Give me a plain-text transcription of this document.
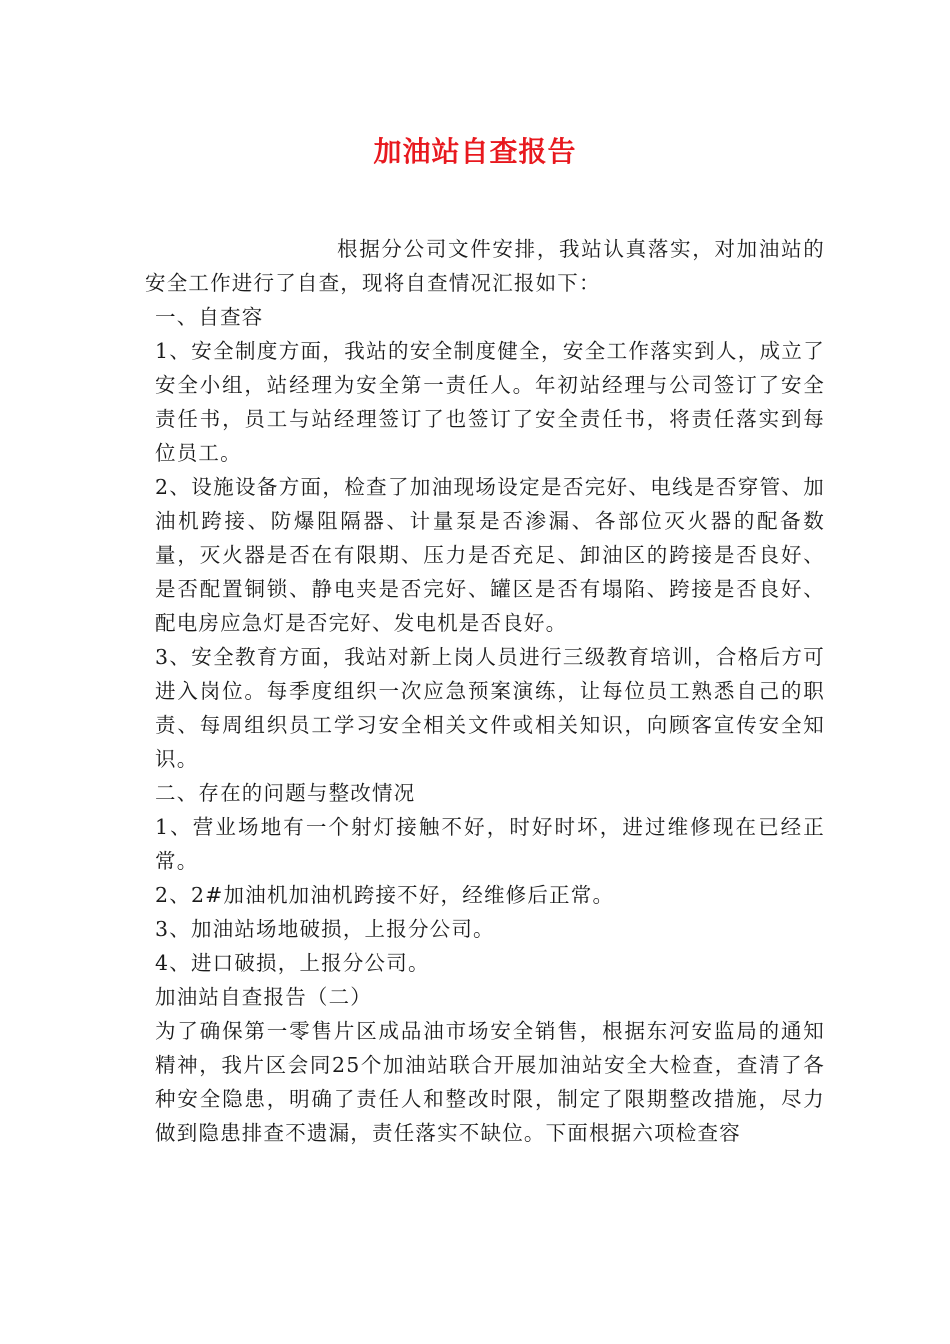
加油站自查报告

根据分公司文件安排，我站认真落实，对加油站的安全工作进行了自查，现将自查情况汇报如下：

一、自查容

1、安全制度方面，我站的安全制度健全，安全工作落实到人，成立了安全小组，站经理为安全第一责任人。年初站经理与公司签订了安全责任书，员工与站经理签订了也签订了安全责任书，将责任落实到每位员工。

2、设施设备方面，检查了加油现场设定是否完好、电线是否穿管、加油机跨接、防爆阻隔器、计量泵是否渗漏、各部位灭火器的配备数量，灭火器是否在有限期、压力是否充足、卸油区的跨接是否良好、是否配置铜锁、静电夹是否完好、罐区是否有塌陷、跨接是否良好、配电房应急灯是否完好、发电机是否良好。

3、安全教育方面，我站对新上岗人员进行三级教育培训，合格后方可进入岗位。每季度组织一次应急预案演练，让每位员工熟悉自己的职责、每周组织员工学习安全相关文件或相关知识，向顾客宣传安全知识。

二、存在的问题与整改情况

1、营业场地有一个射灯接触不好，时好时坏，进过维修现在已经正常。

2、2#加油机加油机跨接不好，经维修后正常。

3、加油站场地破损，上报分公司。

4、进口破损，上报分公司。

加油站自查报告（二）

为了确保第一零售片区成品油市场安全销售，根据东河安监局的通知精神，我片区会同25个加油站联合开展加油站安全大检查，查清了各种安全隐患，明确了责任人和整改时限，制定了限期整改措施，尽力做到隐患排查不遗漏，责任落实不缺位。下面根据六项检查容
